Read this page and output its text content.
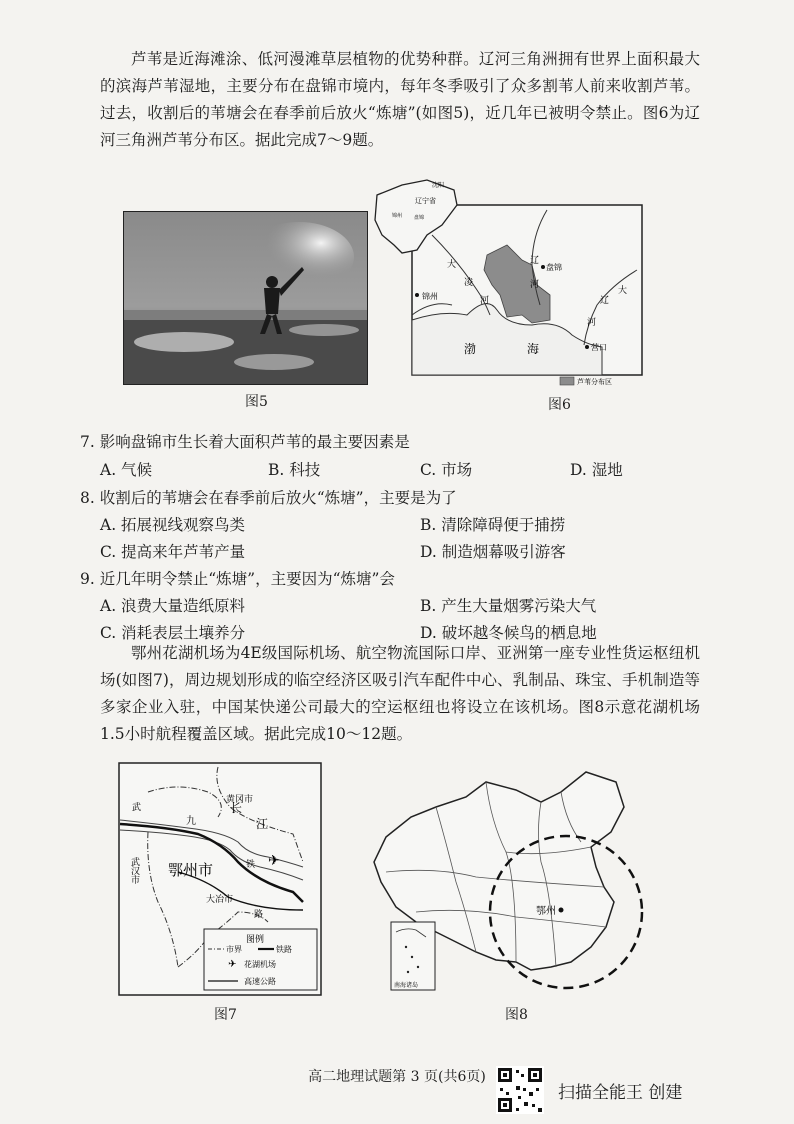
芦苇是近海滩涂、低河漫滩草层植物的优势种群。辽河三角洲拥有世界上面积最大的滨海芦苇湿地，主要分布在盘锦市境内，每年冬季吸引了众多割苇人前来收割芦苇。过去，收割后的苇塘会在春季前后放火“炼塘”(如图5)，近几年已被明令禁止。图6为辽河三角洲芦苇分布区。据此完成7～9题。
图5
沈阳
辽宁省
锦州 盘锦
大
凌
河
锦州
辽
河
盘锦
大
辽
河
渤	海	营口
芦苇分布区
图6
7. 影响盘锦市生长着大面积芦苇的最主要因素是
A. 气候	B. 科技	C. 市场	D. 湿地
8. 收割后的苇塘会在春季前后放火“炼塘”，主要是为了
A. 拓展视线观察鸟类	B. 清除障碍便于捕捞
C. 提高来年芦苇产量	D. 制造烟幕吸引游客
9. 近几年明令禁止“炼塘”，主要因为“炼塘”会
A. 浪费大量造纸原料	B. 产生大量烟雾污染大气
C. 消耗表层土壤养分	D. 破坏越冬候鸟的栖息地
鄂州花湖机场为4E级国际机场、航空物流国际口岸、亚洲第一座专业性货运枢纽机场(如图7)，周边规划形成的临空经济区吸引汽车配件中心、乳制品、珠宝、手机制造等多家企业入驻，中国某快递公司最大的空运枢纽也将设立在该机场。图8示意花湖机场1.5小时航程覆盖区域。据此完成10～12题。
✈
武
黄冈市
九
长
江
武汉市 鄂州市	铁
大冶市
路
图例
市界	铁路
✈ 花湖机场
高速公路
图7
鄂州
南海诸岛
图8
高二地理试题第 3 页(共6页)
扫描全能王 创建
